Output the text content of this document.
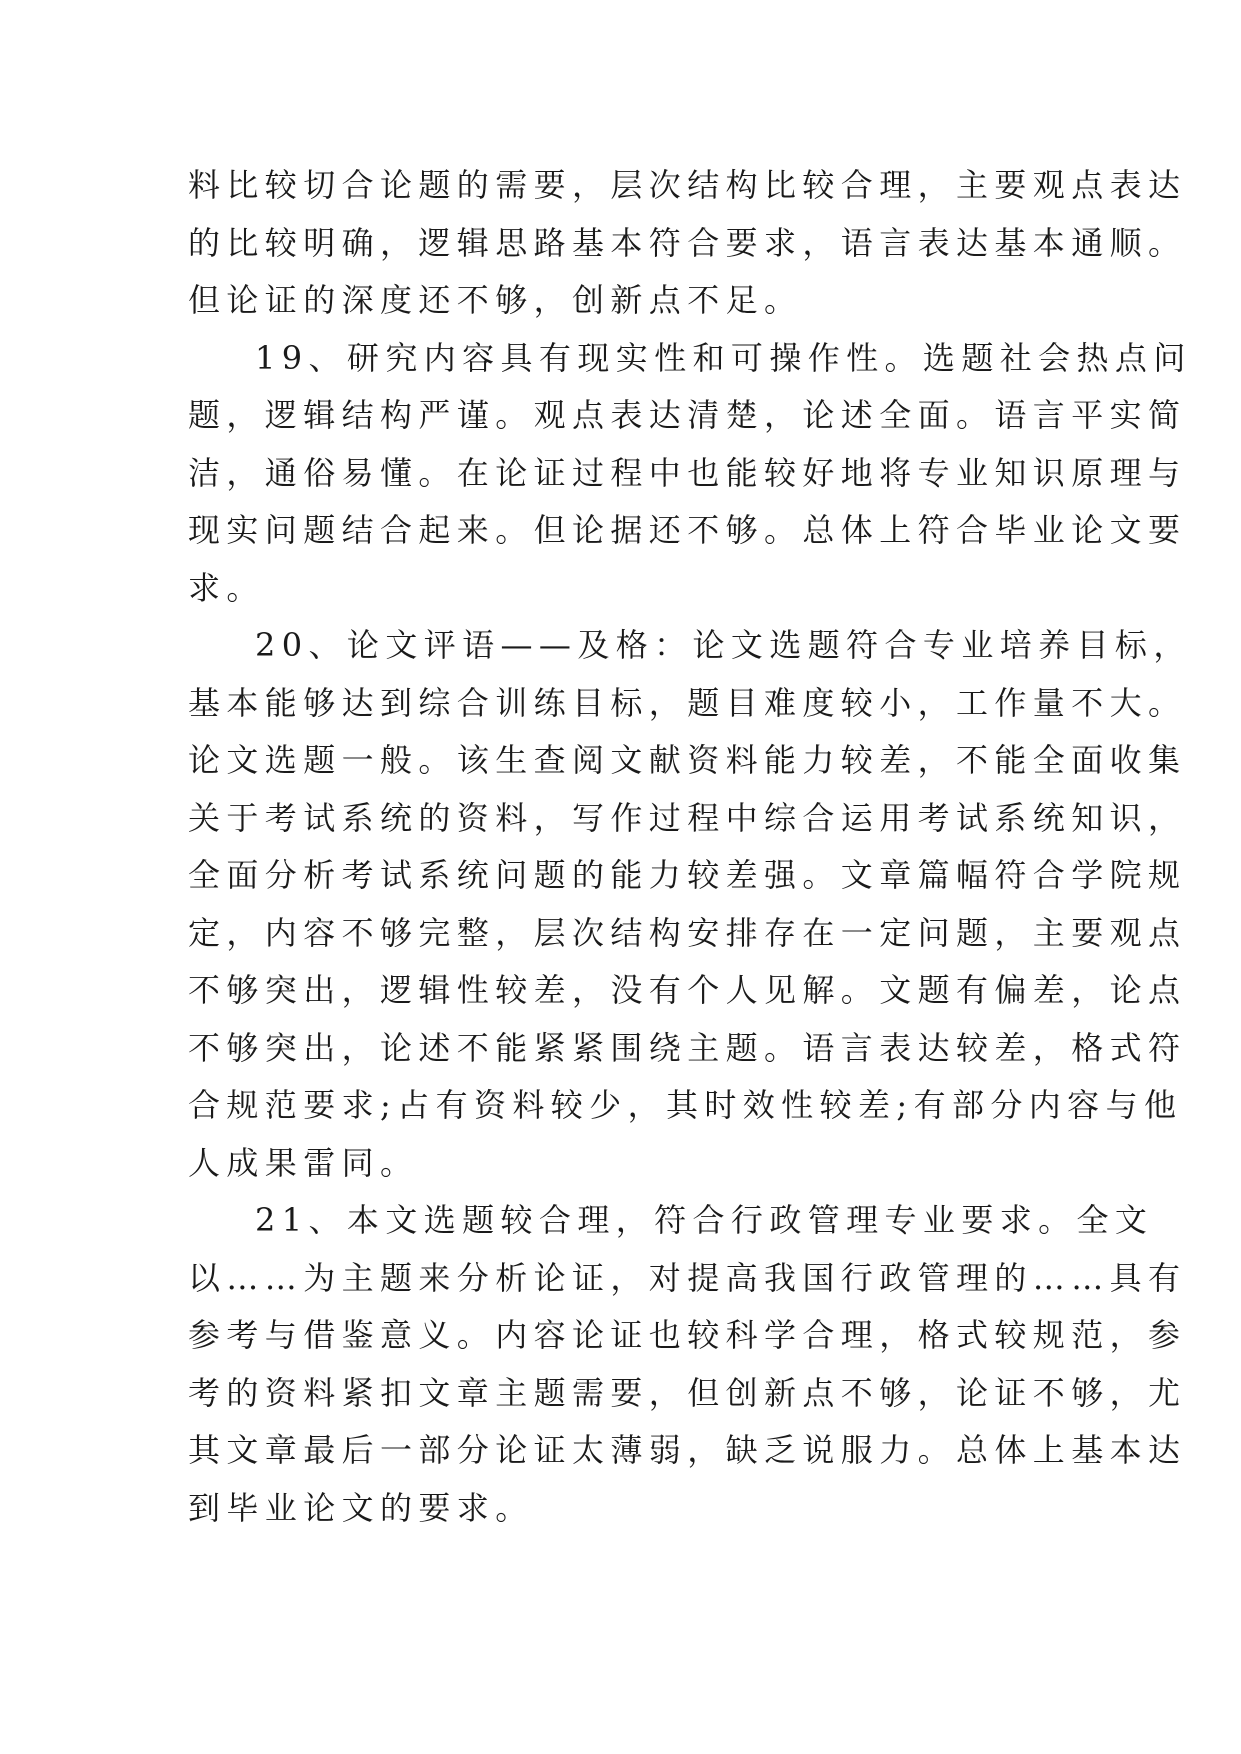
料比较切合论题的需要，层次结构比较合理，主要观点表达
的比较明确，逻辑思路基本符合要求，语言表达基本通顺。
但论证的深度还不够，创新点不足。
19、研究内容具有现实性和可操作性。选题社会热点问
题，逻辑结构严谨。观点表达清楚，论述全面。语言平实简
洁，通俗易懂。在论证过程中也能较好地将专业知识原理与
现实问题结合起来。但论据还不够。总体上符合毕业论文要
求。
20、论文评语——及格：论文选题符合专业培养目标，
基本能够达到综合训练目标，题目难度较小，工作量不大。
论文选题一般。该生查阅文献资料能力较差，不能全面收集
关于考试系统的资料，写作过程中综合运用考试系统知识，
全面分析考试系统问题的能力较差强。文章篇幅符合学院规
定，内容不够完整，层次结构安排存在一定问题，主要观点
不够突出，逻辑性较差，没有个人见解。文题有偏差，论点
不够突出，论述不能紧紧围绕主题。语言表达较差，格式符
合规范要求;占有资料较少，其时效性较差;有部分内容与他
人成果雷同。
21、本文选题较合理，符合行政管理专业要求。全文
以……为主题来分析论证，对提高我国行政管理的……具有
参考与借鉴意义。内容论证也较科学合理，格式较规范，参
考的资料紧扣文章主题需要，但创新点不够，论证不够，尤
其文章最后一部分论证太薄弱，缺乏说服力。总体上基本达
到毕业论文的要求。
